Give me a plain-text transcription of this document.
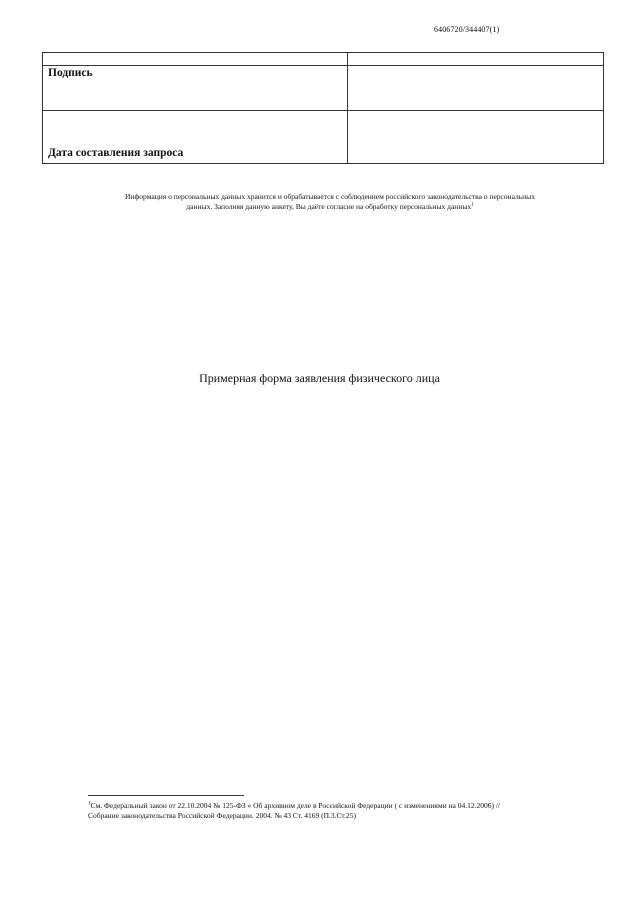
6406720/344407(1)
Подпись
Дата составления запроса
Информация о персональных данных хранится и обрабатывается с соблюдением российского законодательства о персональных
данных. Заполняя данную анкету, Вы даёте согласие на обработку персональных данных$^1$
Примерная форма заявления физического лица
$^1$См. Федеральный закон от 22.10.2004 № 125-ФЗ « Об архивном деле в Российской Федерации ( с изменениями на 04.12.2006) //
Собрание законодательства Российской Федерации. 2004. № 43 Ст. 4169 (П.3.Ст.25)
